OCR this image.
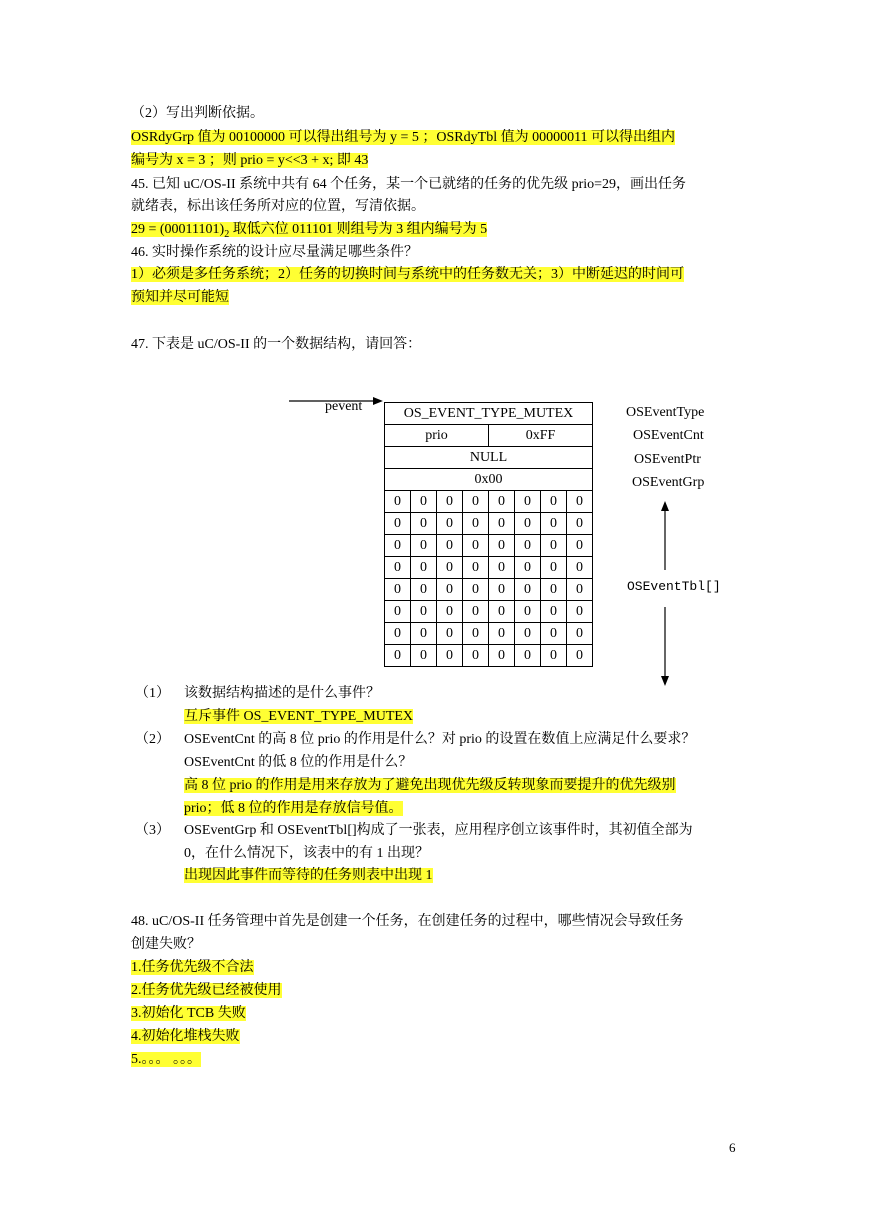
（2）写出判断依据。
OSRdyGrp 值为 00100000 可以得出组号为 y = 5 ；OSRdyTbl 值为 00000011 可以得出组内
编号为 x = 3 ；则 prio = y<<3 + x; 即 43
45. 已知 uC/OS-II 系统中共有 64 个任务，某一个已就绪的任务的优先级 prio=29，画出任务
就绪表，标出该任务所对应的位置，写清依据。
$29 = (00011101)_2$ 取低六位 011101 则组号为 3 组内编号为 5
46. 实时操作系统的设计应尽量满足哪些条件？
1）必须是多任务系统；2）任务的切换时间与系统中的任务数无关；3）中断延迟的时间可
预知并尽可能短
47. 下表是 uC/OS-II 的一个数据结构，请回答：
pevent	OS_EVENT_TYPE_MUTEX							
prio				0xFF			
NULL							
0x00							
0	0	0	0	0	0	0	0
0	0	0	0	0	0	0	0
0	0	0	0	0	0	0	0
0	0	0	0	0	0	0	0
0	0	0	0	0	0	0	0
0	0	0	0	0	0	0	0
0	0	0	0	0	0	0	0
0	0	0	0	0	0	0	0
OSEventType
OSEventCnt
OSEventPtr
OSEventGrp
OSEventTbl[]
（1） 该数据结构描述的是什么事件？
互斥事件 OS_EVENT_TYPE_MUTEX
（2） OSEventCnt 的高 8 位 prio 的作用是什么？对 prio 的设置在数值上应满足什么要求？
OSEventCnt 的低 8 位的作用是什么？
高 8 位 prio 的作用是用来存放为了避免出现优先级反转现象而要提升的优先级别
prio；低 8 位的作用是存放信号值。
（3） OSEventGrp 和 OSEventTbl[]构成了一张表，应用程序创立该事件时，其初值全部为
0，在什么情况下，该表中的有 1 出现？
出现因此事件而等待的任务则表中出现 1
48. uC/OS-II 任务管理中首先是创建一个任务，在创建任务的过程中，哪些情况会导致任务
创建失败？
1.任务优先级不合法
2.任务优先级已经被使用
3.初始化 TCB 失败
4.初始化堆栈失败
5.。。。 。。。
6
